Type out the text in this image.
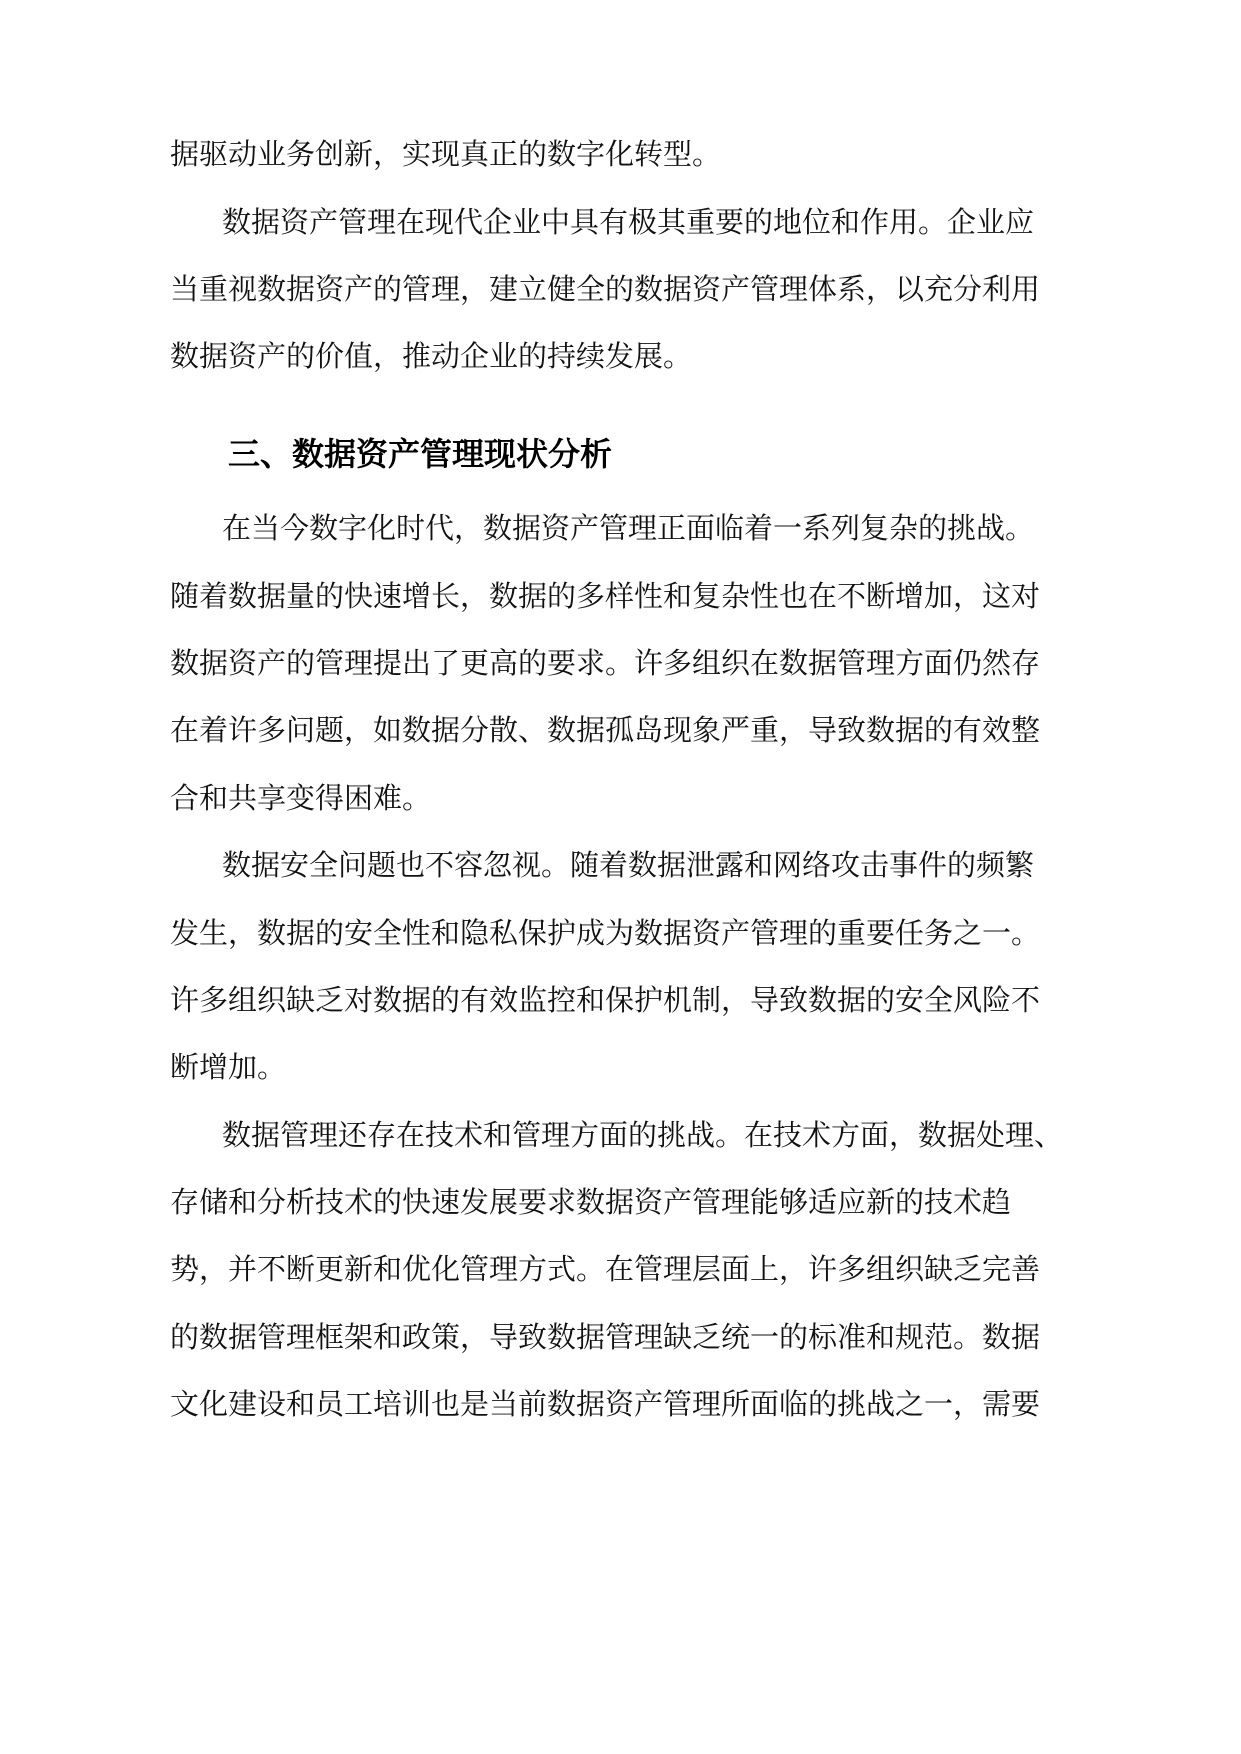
据驱动业务创新，实现真正的数字化转型。
数据资产管理在现代企业中具有极其重要的地位和作用。企业应
当重视数据资产的管理，建立健全的数据资产管理体系，以充分利用
数据资产的价值，推动企业的持续发展。
三、数据资产管理现状分析
在当今数字化时代，数据资产管理正面临着一系列复杂的挑战。
随着数据量的快速增长，数据的多样性和复杂性也在不断增加，这对
数据资产的管理提出了更高的要求。许多组织在数据管理方面仍然存
在着许多问题，如数据分散、数据孤岛现象严重，导致数据的有效整
合和共享变得困难。
数据安全问题也不容忽视。随着数据泄露和网络攻击事件的频繁
发生，数据的安全性和隐私保护成为数据资产管理的重要任务之一。
许多组织缺乏对数据的有效监控和保护机制，导致数据的安全风险不
断增加。
数据管理还存在技术和管理方面的挑战。在技术方面，数据处理、
存储和分析技术的快速发展要求数据资产管理能够适应新的技术趋
势，并不断更新和优化管理方式。在管理层面上，许多组织缺乏完善
的数据管理框架和政策，导致数据管理缺乏统一的标准和规范。数据
文化建设和员工培训也是当前数据资产管理所面临的挑战之一，需要
